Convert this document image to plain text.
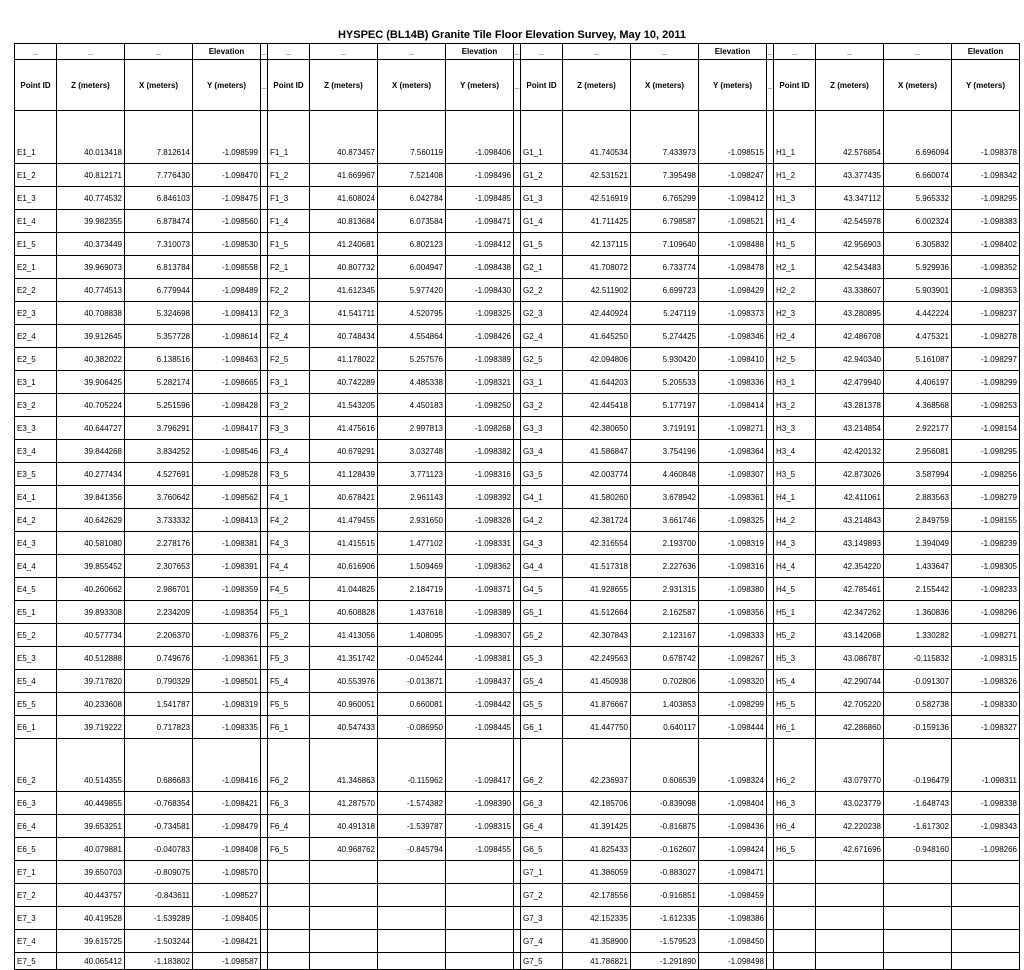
HYSPEC (BL14B) Granite Tile Floor Elevation Survey, May 10, 2011
_	_	_	Elevation	_	_	_	_	Elevation	_	_	_	_	Elevation	_	_	_	_	Elevation
Point ID	Z (meters)	X (meters)	Y (meters)	_	Point ID	Z (meters)	X (meters)	Y (meters)	_	Point ID	Z (meters)	X (meters)	Y (meters)	_	Point ID	Z (meters)	X (meters)	Y (meters)
E1_1	40.013418	7.812614	-1.098599		F1_1	40.873457	7.560119	-1.098406		G1_1	41.740534	7.433973	-1.098515		H1_1	42.576854	6.696094	-1.098378
E1_2	40.812171	7.776430	-1.098470		F1_2	41.669967	7.521408	-1.098496		G1_2	42.531521	7.395498	-1.098247		H1_2	43.377435	6.660074	-1.098342
E1_3	40.774532	6.846103	-1.098475		F1_3	41.608024	6.042784	-1.098485		G1_3	42.516919	6.765299	-1.098412		H1_3	43.347112	5.965332	-1.098295
E1_4	39.982355	6.878474	-1.098560		F1_4	40.813684	6.073584	-1.098471		G1_4	41.711425	6.798587	-1.098521		H1_4	42.545978	6.002324	-1.098383
E1_5	40.373449	7.310073	-1.098530		F1_5	41.240681	6.802123	-1.098412		G1_5	42.137115	7.109640	-1.098488		H1_5	42.956903	6.305832	-1.098402
E2_1	39.969073	6.813784	-1.098558		F2_1	40.807732	6.004947	-1.098438		G2_1	41.708072	6.733774	-1.098478		H2_1	42.543483	5.929936	-1.098352
E2_2	40.774513	6.779944	-1.098489		F2_2	41.612345	5.977420	-1.098430		G2_2	42.511902	6.699723	-1.098429		H2_2	43.338607	5.903901	-1.098353
E2_3	40.708838	5.324698	-1.098413		F2_3	41.541711	4.520795	-1.098325		G2_3	42.440924	5.247119	-1.098373		H2_3	43.280895	4.442224	-1.098237
E2_4	39.912645	5.357728	-1.098614		F2_4	40.748434	4.554864	-1.098426		G2_4	41.645250	5.274425	-1.098346		H2_4	42.486708	4.475321	-1.098278
E2_5	40.382022	6.138516	-1.098463		F2_5	41.178022	5.257576	-1.098389		G2_5	42.094806	5.930420	-1.098410		H2_5	42.940340	5.161087	-1.098297
E3_1	39.906425	5.282174	-1.098665		F3_1	40.742289	4.485338	-1.098321		G3_1	41.644203	5.205533	-1.098336		H3_1	42.479940	4.406197	-1.098299
E3_2	40.705224	5.251596	-1.098428		F3_2	41.543205	4.450183	-1.098250		G3_2	42.445418	5.177197	-1.098414		H3_2	43.281378	4.368568	-1.098253
E3_3	40.644727	3.796291	-1.098417		F3_3	41.475616	2.997813	-1.098268		G3_3	42.380650	3.719191	-1.098271		H3_3	43.214854	2.922177	-1.098154
E3_4	39.844268	3.834252	-1.098546		F3_4	40.679291	3.032748	-1.098382		G3_4	41.586847	3.754196	-1.098364		H3_4	42.420132	2.956081	-1.098295
E3_5	40.277434	4.527691	-1.098528		F3_5	41.128439	3.771123	-1.098316		G3_5	42.003774	4.460848	-1.098307		H3_5	42.873026	3.587994	-1.098256
E4_1	39.841356	3.760642	-1.098562		F4_1	40.678421	2.961143	-1.098392		G4_1	41.580260	3.678942	-1.098361		H4_1	42.411061	2.883563	-1.098279
E4_2	40.642629	3.733332	-1.098413		F4_2	41.479455	2.931650	-1.098328		G4_2	42.381724	3.661746	-1.098325		H4_2	43.214843	2.849759	-1.098155
E4_3	40.581080	2.278176	-1.098381		F4_3	41.415515	1.477102	-1.098331		G4_3	42.316554	2.193700	-1.098319		H4_3	43.149893	1.394049	-1.098239
E4_4	39.855452	2.307653	-1.098391		F4_4	40.616906	1.509469	-1.098362		G4_4	41.517318	2.227636	-1.098316		H4_4	42.354220	1.433647	-1.098305
E4_5	40.260662	2.986701	-1.098359		F4_5	41.044825	2.184719	-1.098371		G4_5	41.928655	2.931315	-1.098380		H4_5	42.785461	2.155442	-1.098233
E5_1	39.893308	2.234209	-1.098354		F5_1	40.608828	1.437618	-1.098389		G5_1	41.512664	2.162587	-1.098356		H5_1	42.347262	1.360836	-1.098296
E5_2	40.577734	2.206370	-1.098376		F5_2	41.413056	1.408095	-1.098307		G5_2	42.307843	2.123167	-1.098333		H5_2	43.142068	1.330282	-1.098271
E5_3	40.512888	0.749676	-1.098361		F5_3	41.351742	-0.045244	-1.098381		G5_3	42.249563	0.678742	-1.098267		H5_3	43.086787	-0.115832	-1.098315
E5_4	39.717820	0.790329	-1.098501		F5_4	40.553976	-0.013871	-1.098437		G5_4	41.450938	0.702806	-1.098320		H5_4	42.290744	-0.091307	-1.098326
E5_5	40.233608	1.541787	-1.098319		F5_5	40.960051	0.660081	-1.098442		G5_5	41.876667	1.403853	-1.098299		H5_5	42.705220	0.582738	-1.098330
E6_1	39.719222	0.717823	-1.098335		F6_1	40.547433	-0.086950	-1.098445		G6_1	41.447750	0.640117	-1.098444		H6_1	42.286860	-0.159136	-1.098327
E6_2	40.514355	0.686683	-1.098416		F6_2	41.346863	-0.115962	-1.098417		G6_2	42.236937	0.606539	-1.098324		H6_2	43.079770	-0.196479	-1.098311
E6_3	40.449855	-0.768354	-1.098421		F6_3	41.287570	-1.574382	-1.098390		G6_3	42.185706	-0.839098	-1.098404		H6_3	43.023779	-1.648743	-1.098338
E6_4	39.653251	-0.734581	-1.098479		F6_4	40.491318	-1.539787	-1.098315		G6_4	41.391425	-0.816875	-1.098436		H6_4	42.220238	-1.617302	-1.098343
E6_5	40.079881	-0.040783	-1.098408		F6_5	40.968762	-0.845794	-1.098455		G6_5	41.825433	-0.162607	-1.098424		H6_5	42.671696	-0.948160	-1.098266
E7_1	39.650703	-0.809075	-1.098570							G7_1	41.386059	-0.883027	-1.098471					
E7_2	40.443757	-0.843611	-1.098527							G7_2	42.178556	-0.916851	-1.098459					
E7_3	40.419528	-1.539289	-1.098405							G7_3	42.152335	-1.612335	-1.098386					
E7_4	39.615725	-1.503244	-1.098421							G7_4	41.358900	-1.579523	-1.098450					
E7_5	40.065412	-1.183802	-1.098587							G7_5	41.786821	-1.291890	-1.098498					
